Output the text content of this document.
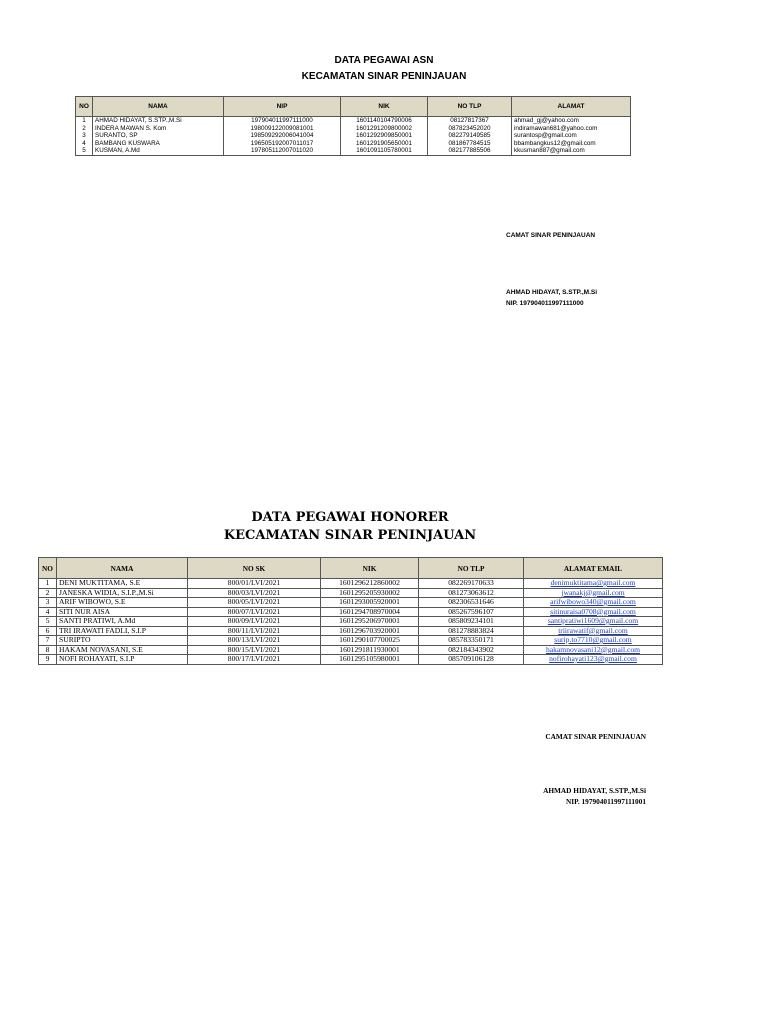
DATA PEGAWAI ASN
KECAMATAN SINAR PENINJAUAN
NO	NAMA	NIP	NIK	NO TLP	ALAMAT
1	AHMAD HIDAYAT, S.STP.,M.Si	197904011997111000	1601140104790006	08127817367	ahmad_gj@yahoo.com
2	INDERA MAWAN S. Kom	198009122009081001	1601291209800002	087823452020	indiramawan681@yahoo.com
3	SURANTO, SP	198509292006041004	1601292909850001	082279149585	surantosp@gmail.com
4	BAMBANG KUSWARA	196505192007011017	1601291905650001	081867784515	bbambangkus12@gmail.com
5	KUSMAN, A.Md	197805112007011020	1601091105780001	082177885506	kkusman887@gmail.com
CAMAT SINAR PENINJAUAN
AHMAD HIDAYAT, S.STP.,M.Si
NIP. 197904011997111000
DATA PEGAWAI HONORER
KECAMATAN SINAR PENINJAUAN
NO	NAMA	NO SK	NIK	NO TLP	ALAMAT EMAIL
1	DENI MUKTITAMA, S.E	800/01/LVI/2021	1601296212860002	082269170633	denimuktitama@gmail.com
2	JANESKA WIDIA, S.I.P.,M.Si	800/03/LVI/2021	1601295205930002	081273063612	jwanakj@gmail.com
3	ARIF WIBOWO, S.E	800/05/LVI/2021	1601293005920001	082306531646	arifwibowo340@gmail.com
4	SITI NUR AISA	800/07/LVI/2021	1601294708970004	085267596107	sitinuraisa0708@gmail.com
5	SANTI PRATIWI, A.Md	800/09/LVI/2021	1601295206970001	085809234101	santipratiwi1609@gmail.com
6	TRI IRAWATI FADLI, S.I.P	800/11/LVI/2021	1601296703920001	081278883824	triirawatif@gmail.com
7	SURIPTO	800/13/LVI/2021	1601290107700025	085783350171	surip.to7710@gmail.com
8	HAKAM NOVASANI, S.E	800/15/LVI/2021	1601291811930001	082184343902	hakamnovasani12@gmail.com
9	NOFI ROHAYATI, S.I.P	800/17/LVI/2021	1601295105980001	085709106128	nofirohayati123@gmail.com
CAMAT SINAR PENINJAUAN
AHMAD HIDAYAT, S.STP.,M.Si
NIP. 197904011997111001
